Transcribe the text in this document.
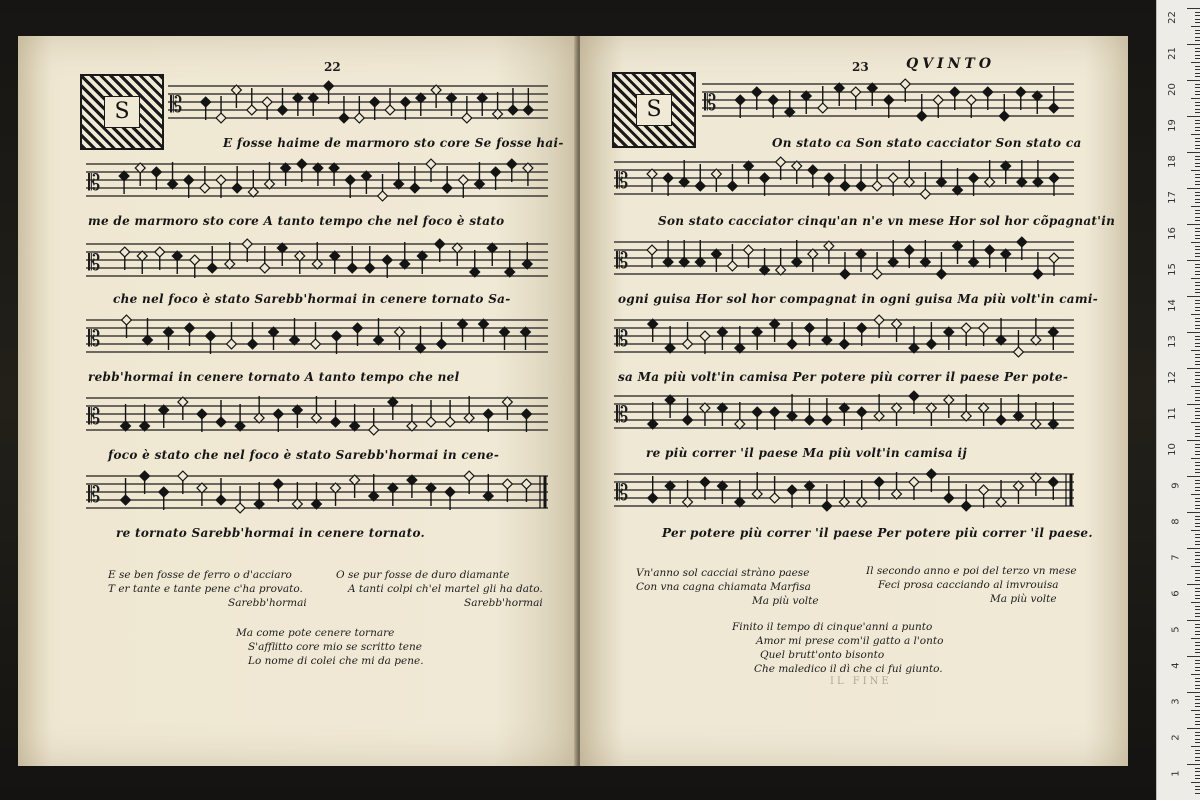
22
S	𝄡
E fosse haime de marmoro sto core Se fosse hai-
𝄡
me de marmoro sto core A tanto tempo che nel foco è stato
𝄡
che nel foco è stato Sarebb'hormai in cenere tornato Sa-
𝄡
rebb'hormai in cenere tornato A tanto tempo che nel
𝄡
foco è stato che nel foco è stato Sarebb'hormai in cene-
𝄡
re tornato Sarebb'hormai in cenere tornato.
E se ben fosse de ferro o d'acciaro
T er tante e tante pene c'ha provato.
Sarebb'hormai
O se pur fosse de duro diamante
A tanti colpi ch'el martel gli ha dato.
Sarebb'hormai
Ma come pote cenere tornare
S'afflitto core mio se scritto tene
Lo nome di colei che mi da pene.
23	QVINTO
S	𝄡
On stato ca Son stato cacciator Son stato ca
𝄡
Son stato cacciator cinqu'an n'e vn mese Hor sol hor cõpagnat'in
𝄡
ogni guisa Hor sol hor compagnat in ogni guisa Ma più volt'in cami-
𝄡
sa Ma più volt'in camisa Per potere più correr il paese Per pote-
𝄡
re più correr 'il paese Ma più volt'in camisa ij
𝄡
Per potere più correr 'il paese Per potere più correr 'il paese.
Vn'anno sol cacciai stràno paese
Con vna cagna chiamata Marfisa
Ma più volte
Il secondo anno e poi del terzo vn mese
Feci prosa cacciando al imvrouisa
Ma più volte
Finito il tempo di cinque'anni a punto
Amor mi prese com'il gatto a l'onto
Quel brutt'onto bisonto
Che maledico il dì che ci fui giunto.
IL FINE
22
21
20
19
18
17
16
15
14
13
12
11
10
9
8
7
6
5
4
3
2
1
